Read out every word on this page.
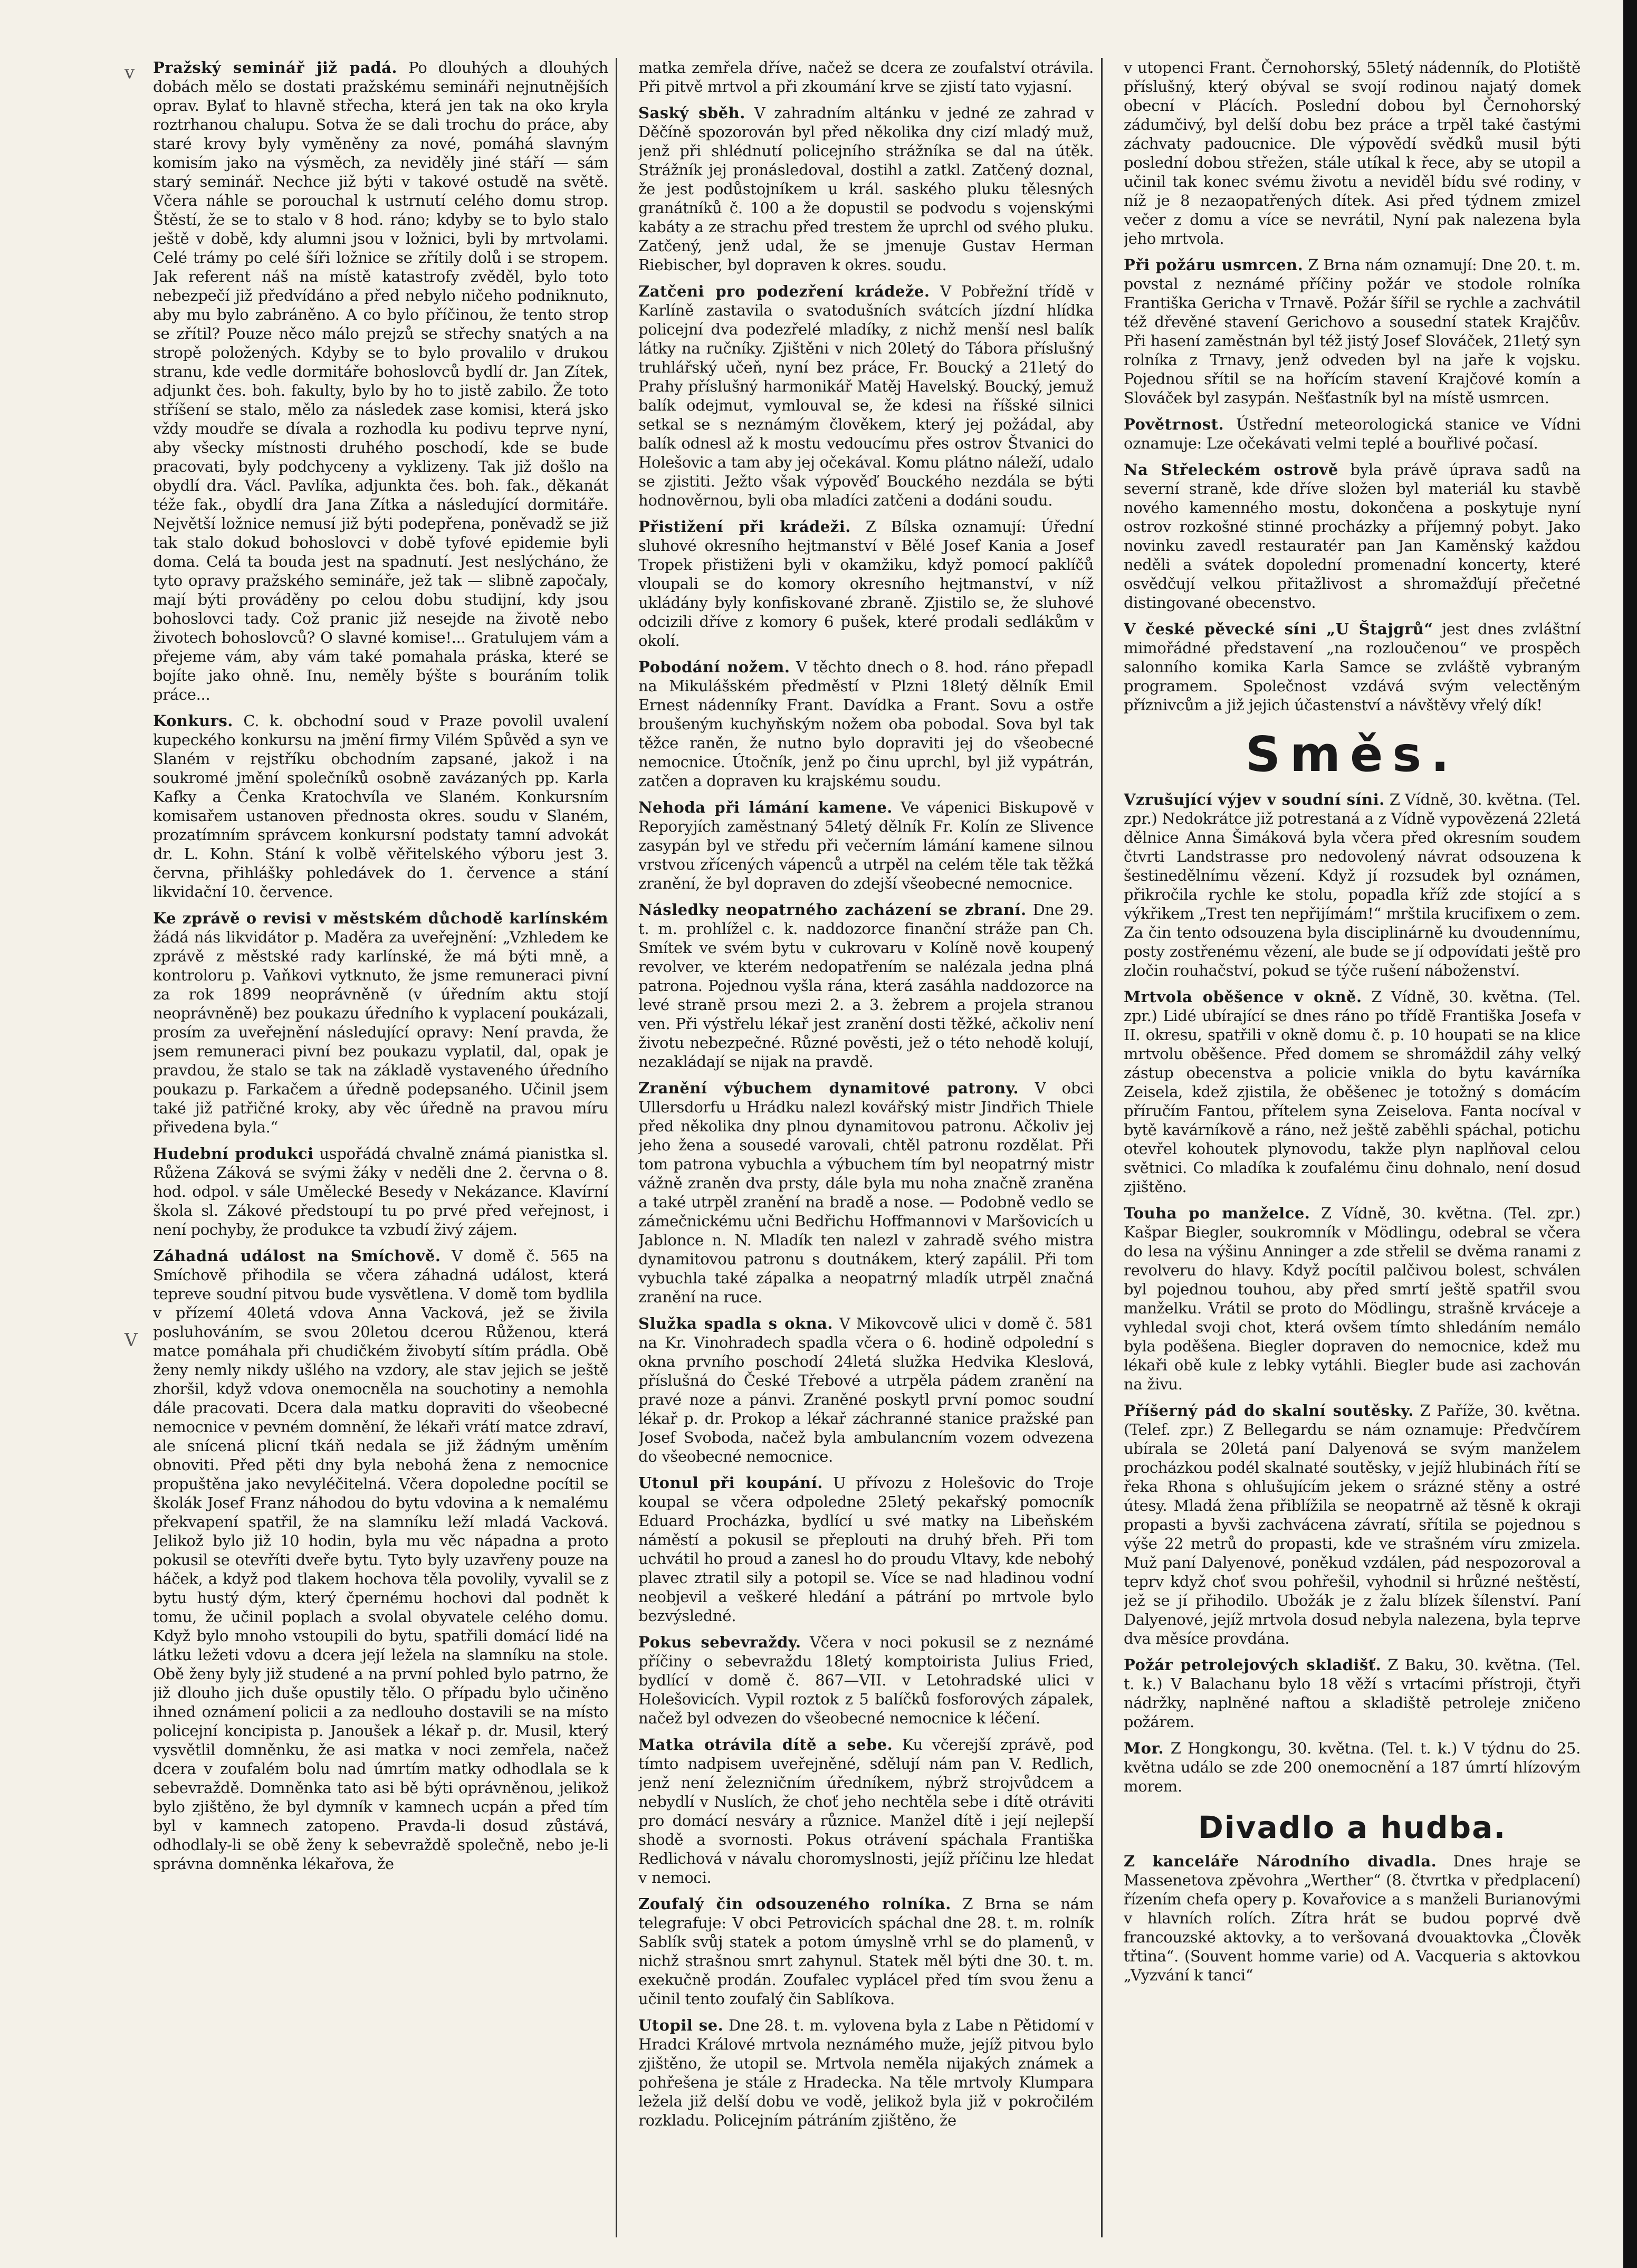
v
V

Pražský seminář již padá. Po dlouhých a dlouhých dobách mělo se dostati pražskému semináři nejnutnějších oprav. Bylať to hlavně střecha, která jen tak na oko kryla roztrhanou chalupu. Sotva že se dali trochu do práce, aby staré krovy byly vyměněny za nové, pomáhá slavným komisím jako na výsměch, za neviděly jiné stáří — sám starý seminář. Nechce již býti v takové ostudě na světě. Včera náhle se porouchal k ustrnutí celého domu strop. Štěstí, že se to stalo v 8 hod. ráno; kdyby se to bylo stalo ještě v době, kdy alumni jsou v ložnici, byli by mrtvolami. Celé trámy po celé šíři ložnice se zřítily dolů i se stropem. Jak referent náš na místě katastrofy zvěděl, bylo toto nebezpečí již předvídáno a před nebylo ničeho podniknuto, aby mu bylo zabráněno. A co bylo příčinou, že tento strop se zřítil? Pouze něco málo prejzů se střechy snatých a na stropě položených. Kdyby se to bylo provalilo v drukou stranu, kde vedle dormitáře bohoslovců bydlí dr. Jan Zítek, adjunkt čes. boh. fakulty, bylo by ho to jistě zabilo. Že toto stříšení se stalo, mělo za následek zase komisi, která jsko vždy moudře se dívala a rozhodla ku podivu teprve nyní, aby všecky místnosti druhého poschodí, kde se bude pracovati, byly podchyceny a vyklizeny. Tak již došlo na obydlí dra. Václ. Pavlíka, adjunkta čes. boh. fak., děkanát téže fak., obydlí dra Jana Zítka a následující dormitáře. Největší ložnice nemusí již býti podepřena, poněvadž se již tak stalo dokud bohoslovci v době tyfové epidemie byli doma. Celá ta bouda jest na spadnutí. Jest neslýcháno, že tyto opravy pražského semináře, jež tak — slibně započaly, mají býti prováděny po celou dobu studijní, kdy jsou bohoslovci tady. Což pranic již nesejde na životě nebo životech bohoslovců? O slavné komise!... Gratulujem vám a přejeme vám, aby vám také pomahala práska, které se bojíte jako ohně. Inu, neměly býšte s bouráním tolik práce...

Konkurs. C. k. obchodní soud v Praze povolil uvalení kupeckého konkursu na jmění firmy Vilém Spůvěd a syn ve Slaném v rejstříku obchodním zapsané, jakož i na soukromé jmění společníků osobně zavázaných pp. Karla Kafky a Čenka Kratochvíla ve Slaném. Konkursním komisařem ustanoven přednosta okres. soudu v Slaném, prozatímním správcem konkursní podstaty tamní advokát dr. L. Kohn. Stání k volbě věřitelského výboru jest 3. června, přihlášky pohledávek do 1. července a stání likvidační 10. července.

Ke zprávě o revisi v městském důchodě karlínském žádá nás likvidátor p. Maděra za uveřejnění: „Vzhledem ke zprávě z městské rady karlínské, že má býti mně, a kontroloru p. Vaňkovi vytknuto, že jsme remuneraci pivní za rok 1899 neoprávněně (v úředním aktu stojí neoprávněně) bez poukazu úředního k vyplacení poukázali, prosím za uveřejnění následující opravy: Není pravda, že jsem remuneraci pivní bez poukazu vyplatil, dal, opak je pravdou, že stalo se tak na základě vystaveného úředního poukazu p. Farkačem a úředně podepsaného. Učinil jsem také již patřičné kroky, aby věc úředně na pravou míru přivedena byla.“

Hudební produkci uspořádá chvalně známá pianistka sl. Růžena Záková se svými žáky v neděli dne 2. června o 8. hod. odpol. v sále Umělecké Besedy v Nekázance. Klavírní škola sl. Zákové předstoupí tu po prvé před veřejnost, i není pochyby, že produkce ta vzbudí živý zájem.

Záhadná událost na Smíchově. V domě č. 565 na Smíchově přihodila se včera záhadná událost, která tepreve soudní pitvou bude vysvětlena. V domě tom bydlila v přízemí 40letá vdova Anna Vacková, jež se živila posluhováním, se svou 20letou dcerou Růženou, která matce pomáhala při chudičkém živobytí sítím prádla. Obě ženy nemly nikdy ušlého na vzdory, ale stav jejich se ještě zhoršil, když vdova onemocněla na souchotiny a nemohla dále pracovati. Dcera dala matku dopraviti do všeobecné nemocnice v pevném domnění, že lékaři vrátí matce zdraví, ale snícená plicní tkáň nedala se již žádným uměním obnoviti. Před pěti dny byla nebohá žena z nemocnice propuštěna jako nevyléčitelná. Včera dopoledne pocítil se školák Josef Franz náhodou do bytu vdovina a k nemalému překvapení spatřil, že na slamníku leží mladá Vacková. Jelikož bylo již 10 hodin, byla mu věc nápadna a proto pokusil se otevříti dveře bytu. Tyto byly uzavřeny pouze na háček, a když pod tlakem hochova těla povolily, vyvalil se z bytu hustý dým, který čpernému hochovi dal podnět k tomu, že učinil poplach a svolal obyvatele celého domu. Když bylo mnoho vstoupili do bytu, spatřili domácí lidé na látku ležeti vdovu a dcera její ležela na slamníku na stole. Obě ženy byly již studené a na první pohled bylo patrno, že již dlouho jich duše opustily tělo. O případu bylo učiněno ihned oznámení policii a za nedlouho dostavili se na místo policejní koncipista p. Janoušek a lékař p. dr. Musil, který vysvětlil domněnku, že asi matka v noci zemřela, načež dcera v zoufalém bolu nad úmrtím matky odhodlala se k sebevraždě. Domněnka tato asi bě býti oprávněnou, jelikož bylo zjištěno, že byl dymník v kamnech ucpán a před tím byl v kamnech zatopeno. Pravda-li dosud zůstává, odhodlaly-li se obě ženy k sebevraždě společně, nebo je-li správna domněnka lékařova, že

matka zemřela dříve, načež se dcera ze zoufalství otrávila. Při pitvě mrtvol a při zkoumání krve se zjistí tato vyjasní.

Saský sběh. V zahradním altánku v jedné ze zahrad v Děčíně spozorován byl před několika dny cizí mladý muž, jenž při shlédnutí policejního strážníka se dal na útěk. Strážník jej pronásledoval, dostihl a zatkl. Zatčený doznal, že jest podůstojníkem u král. saského pluku tělesných granátníků č. 100 a že dopustil se podvodu s vojenskými kabáty a ze strachu před trestem že uprchl od svého pluku. Zatčený, jenž udal, že se jmenuje Gustav Herman Riebischer, byl dopraven k okres. soudu.

Zatčeni pro podezření krádeže. V Pobřežní třídě v Karlíně zastavila o svatodušních svátcích jízdní hlídka policejní dva podezřelé mladíky, z nichž menší nesl balík látky na ručníky. Zjištěni v nich 20letý do Tábora příslušný truhlářský učeň, nyní bez práce, Fr. Boucký a 21letý do Prahy příslušný harmonikář Matěj Havelský. Boucký, jemuž balík odejmut, vymlouval se, že kdesi na říšské silnici setkal se s neznámým člověkem, který jej požádal, aby balík odnesl až k mostu vedoucímu přes ostrov Štvanici do Holešovic a tam aby jej očekával. Komu plátno náleží, udalo se zjistiti. Ježto však výpověď Bouckého nezdála se býti hodnověrnou, byli oba mladíci zatčeni a dodáni soudu.

Přistižení při krádeži. Z Bílska oznamují: Úřední sluhové okresního hejtmanství v Bělé Josef Kania a Josef Tropek přistiženi byli v okamžiku, když pomocí paklíčů vloupali se do komory okresního hejtmanství, v níž ukládány byly konfiskované zbraně. Zjistilo se, že sluhové odcizili dříve z komory 6 pušek, které prodali sedlákům v okolí.

Pobodání nožem. V těchto dnech o 8. hod. ráno přepadl na Mikulášském předměstí v Plzni 18letý dělník Emil Ernest nádenníky Frant. Davídka a Frant. Sovu a ostře broušeným kuchyňským nožem oba pobodal. Sova byl tak těžce raněn, že nutno bylo dopraviti jej do všeobecné nemocnice. Útočník, jenž po činu uprchl, byl již vypátrán, zatčen a dopraven ku krajskému soudu.

Nehoda při lámání kamene. Ve vápenici Biskupově v Reporyjích zaměstnaný 54letý dělník Fr. Kolín ze Slivence zasypán byl ve středu při večerním lámání kamene silnou vrstvou zřícených vápenců a utrpěl na celém těle tak těžká zranění, že byl dopraven do zdejší všeobecné nemocnice.

Následky neopatrného zacházení se zbraní. Dne 29. t. m. prohlížel c. k. naddozorce finanční stráže pan Ch. Smítek ve svém bytu v cukrovaru v Kolíně nově koupený revolver, ve kterém nedopatřením se nalézala jedna plná patrona. Pojednou vyšla rána, která zasáhla naddozorce na levé straně prsou mezi 2. a 3. žebrem a projela stranou ven. Při výstřelu lékař jest zranění dosti těžké, ačkoliv není životu nebezpečné. Různé pověsti, jež o této nehodě kolují, nezakládají se nijak na pravdě.

Zranění výbuchem dynamitové patrony. V obci Ullersdorfu u Hrádku nalezl kovářský mistr Jindřich Thiele před několika dny plnou dynamitovou patronu. Ačkoliv jej jeho žena a sousedé varovali, chtěl patronu rozdělat. Při tom patrona vybuchla a výbuchem tím byl neopatrný mistr vážně zraněn dva prsty, dále byla mu noha značně zraněna a také utrpěl zranění na bradě a nose. — Podobně vedlo se zámečnickému učni Bedřichu Hoffmannovi v Maršovicích u Jablonce n. N. Mladík ten nalezl v zahradě svého mistra dynamitovou patronu s doutnákem, který zapálil. Při tom vybuchla také zápalka a neopatrný mladík utrpěl značná zranění na ruce.

Služka spadla s okna. V Mikovcově ulici v domě č. 581 na Kr. Vinohradech spadla včera o 6. hodině odpolední s okna prvního poschodí 24letá služka Hedvika Kleslová, příslušná do České Třebové a utrpěla pádem zranění na pravé noze a pánvi. Zraněné poskytl první pomoc soudní lékař p. dr. Prokop a lékař záchranné stanice pražské pan Josef Svoboda, načež byla ambulancním vozem odvezena do všeobecné nemocnice.

Utonul při koupání. U přívozu z Holešovic do Troje koupal se včera odpoledne 25letý pekařský pomocník Eduard Procházka, bydlící u své matky na Libeňském náměstí a pokusil se přeplouti na druhý břeh. Při tom uchvátil ho proud a zanesl ho do proudu Vltavy, kde nebohý plavec ztratil sily a potopil se. Více se nad hladinou vodní neobjevil a veškeré hledání a pátrání po mrtvole bylo bezvýsledné.

Pokus sebevraždy. Včera v noci pokusil se z neznámé příčiny o sebevraždu 18letý komptoirista Julius Fried, bydlící v domě č. 867—VII. v Letohradské ulici v Holešovicích. Vypil roztok z 5 balíčků fosforových zápalek, načež byl odvezen do všeobecné nemocnice k léčení.

Matka otrávila dítě a sebe. Ku včerejší zprávě, pod tímto nadpisem uveřejněné, sdělují nám pan V. Redlich, jenž není železničním úředníkem, nýbrž strojvůdcem a nebydlí v Nuslích, že choť jeho nechtěla sebe i dítě otráviti pro domácí nesváry a různice. Manžel dítě i její nejlepší shodě a svornosti. Pokus otrávení spáchala Františka Redlichová v návalu choromyslnosti, jejíž příčinu lze hledat v nemoci.

Zoufalý čin odsouzeného rolníka. Z Brna se nám telegrafuje: V obci Petrovicích spáchal dne 28. t. m. rolník Sablík svůj statek a potom úmyslně vrhl se do plamenů, v nichž strašnou smrt zahynul. Statek měl býti dne 30. t. m. exekučně prodán. Zoufalec vyplácel před tím svou ženu a učinil tento zoufalý čin Sablíkova.

Utopil se. Dne 28. t. m. vylovena byla z Labe n Pětidomí v Hradci Králové mrtvola neznámého muže, jejíž pitvou bylo zjištěno, že utopil se. Mrtvola neměla nijakých známek a pohřešena je stále z Hradecka. Na těle mrtvoly Klumpara ležela již delší dobu ve vodě, jelikož byla již v pokročilém rozkladu. Policejním pátráním zjištěno, že

v utopenci Frant. Černohorský, 55letý nádenník, do Plotiště příslušný, který obýval se svojí rodinou najatý domek obecní v Plácích. Poslední dobou byl Černohorský zádumčivý, byl delší dobu bez práce a trpěl také častými záchvaty padoucnice. Dle výpovědí svědků musil býti poslední dobou střežen, stále utíkal k řece, aby se utopil a učinil tak konec svému životu a neviděl bídu své rodiny, v níž je 8 nezaopatřených dítek. Asi před týdnem zmizel večer z domu a více se nevrátil, Nyní pak nalezena byla jeho mrtvola.

Při požáru usmrcen. Z Brna nám oznamují: Dne 20. t. m. povstal z neznámé příčiny požár ve stodole rolníka Františka Gericha v Trnavě. Požár šířil se rychle a zachvátil též dřevěné stavení Gerichovo a sousední statek Krajčův. Při hasení zaměstnán byl též jistý Josef Slováček, 21letý syn rolníka z Trnavy, jenž odveden byl na jaře k vojsku. Pojednou sřítil se na hořícím stavení Krajčové komín a Slováček byl zasypán. Nešťastník byl na místě usmrcen.

Povětrnost. Ústřední meteorologická stanice ve Vídni oznamuje: Lze očekávati velmi teplé a bouřlivé počasí.

Na Střeleckém ostrově byla právě úprava sadů na severní straně, kde dříve složen byl materiál ku stavbě nového kamenného mostu, dokončena a poskytuje nyní ostrov rozkošné stinné procházky a příjemný pobyt. Jako novinku zavedl restauratér pan Jan Kaměnský každou neděli a svátek dopolední promenadní koncerty, které osvědčují velkou přitažlivost a shromažďují přečetné distingované obecenstvo.

V české pěvecké síni „U Štajgrů“ jest dnes zvláštní mimořádné představení „na rozloučenou“ ve prospěch salonního komika Karla Samce se zvláště vybraným programem. Společnost vzdává svým velectěným příznivcům a již jejich účastenství a návštěvy vřelý dík!

Směs.

Vzrušující výjev v soudní síni. Z Vídně, 30. května. (Tel. zpr.) Nedokrátce již potrestaná a z Vídně vypovězená 22letá dělnice Anna Šimáková byla včera před okresním soudem čtvrti Landstrasse pro nedovolený návrat odsouzena k šestinedělnímu vězení. Když jí rozsudek byl oznámen, přikročila rychle ke stolu, popadla kříž zde stojící a s výkřikem „Trest ten nepřijímám!“ mrštila krucifixem o zem. Za čin tento odsouzena byla disciplinárně ku dvoudennímu, posty zostřenému vězení, ale bude se jí odpovídati ještě pro zločin rouhačství, pokud se týče rušení náboženství.

Mrtvola oběšence v okně. Z Vídně, 30. května. (Tel. zpr.) Lidé ubírající se dnes ráno po třídě Františka Josefa v II. okresu, spatřili v okně domu č. p. 10 houpati se na klice mrtvolu oběšence. Před domem se shromáždil záhy velký zástup obecenstva a policie vnikla do bytu kavárníka Zeisela, kdež zjistila, že oběšenec je totožný s domácím příručím Fantou, přítelem syna Zeiselova. Fanta nocíval v bytě kavárníkově a ráno, než ještě zaběhli spáchal, potichu otevřel kohoutek plynovodu, takže plyn naplňoval celou světnici. Co mladíka k zoufalému činu dohnalo, není dosud zjištěno.

Touha po manželce. Z Vídně, 30. května. (Tel. zpr.) Kašpar Biegler, soukromník v Mödlingu, odebral se včera do lesa na výšinu Anninger a zde střelil se dvěma ranami z revolveru do hlavy. Když pocítil palčivou bolest, schválen byl pojednou touhou, aby před smrtí ještě spatřil svou manželku. Vrátil se proto do Mödlingu, strašně krváceje a vyhledal svoji chot, která ovšem tímto shledáním nemálo byla poděšena. Biegler dopraven do nemocnice, kdež mu lékaři obě kule z lebky vytáhli. Biegler bude asi zachován na živu.

Příšerný pád do skalní soutěsky. Z Paříže, 30. května. (Telef. zpr.) Z Bellegardu se nám oznamuje: Předvčírem ubírala se 20letá paní Dalyenová se svým manželem procházkou podél skalnaté soutěsky, v jejíž hlubinách řítí se řeka Rhona s ohlušujícím jekem o srázné stěny a ostré útesy. Mladá žena přiblížila se neopatrně až těsně k okraji propasti a byvši zachvácena závratí, sřítila se pojednou s výše 22 metrů do propasti, kde ve strašném víru zmizela. Muž paní Dalyenové, poněkud vzdálen, pád nespozoroval a teprv když choť svou pohřešil, vyhodnil si hrůzné neštěstí, jež se jí přihodilo. Ubožák je z žalu blízek šílenství. Paní Dalyenové, jejíž mrtvola dosud nebyla nalezena, byla teprve dva měsíce provdána.

Požár petrolejových skladišť. Z Baku, 30. května. (Tel. t. k.) V Balachanu bylo 18 věží s vrtacími přístroji, čtyři nádržky, naplněné naftou a skladiště petroleje zničeno požárem.

Mor. Z Hongkongu, 30. května. (Tel. t. k.) V týdnu do 25. května událo se zde 200 onemocnění a 187 úmrtí hlízovým morem.

Divadlo a hudba.

Z kanceláře Národního divadla. Dnes hraje se Massenetova zpěvohra „Werther“ (8. čtvrtka v předplacení) řízením chefa opery p. Kovařovice a s manželi Burianovými v hlavních rolích. Zítra hrát se budou poprvé dvě francouzské aktovky, a to veršovaná dvouaktovka „Člověk třtina“. (Souvent homme varie) od A. Vacqueria s aktovkou „Vyzvání k tanci“
